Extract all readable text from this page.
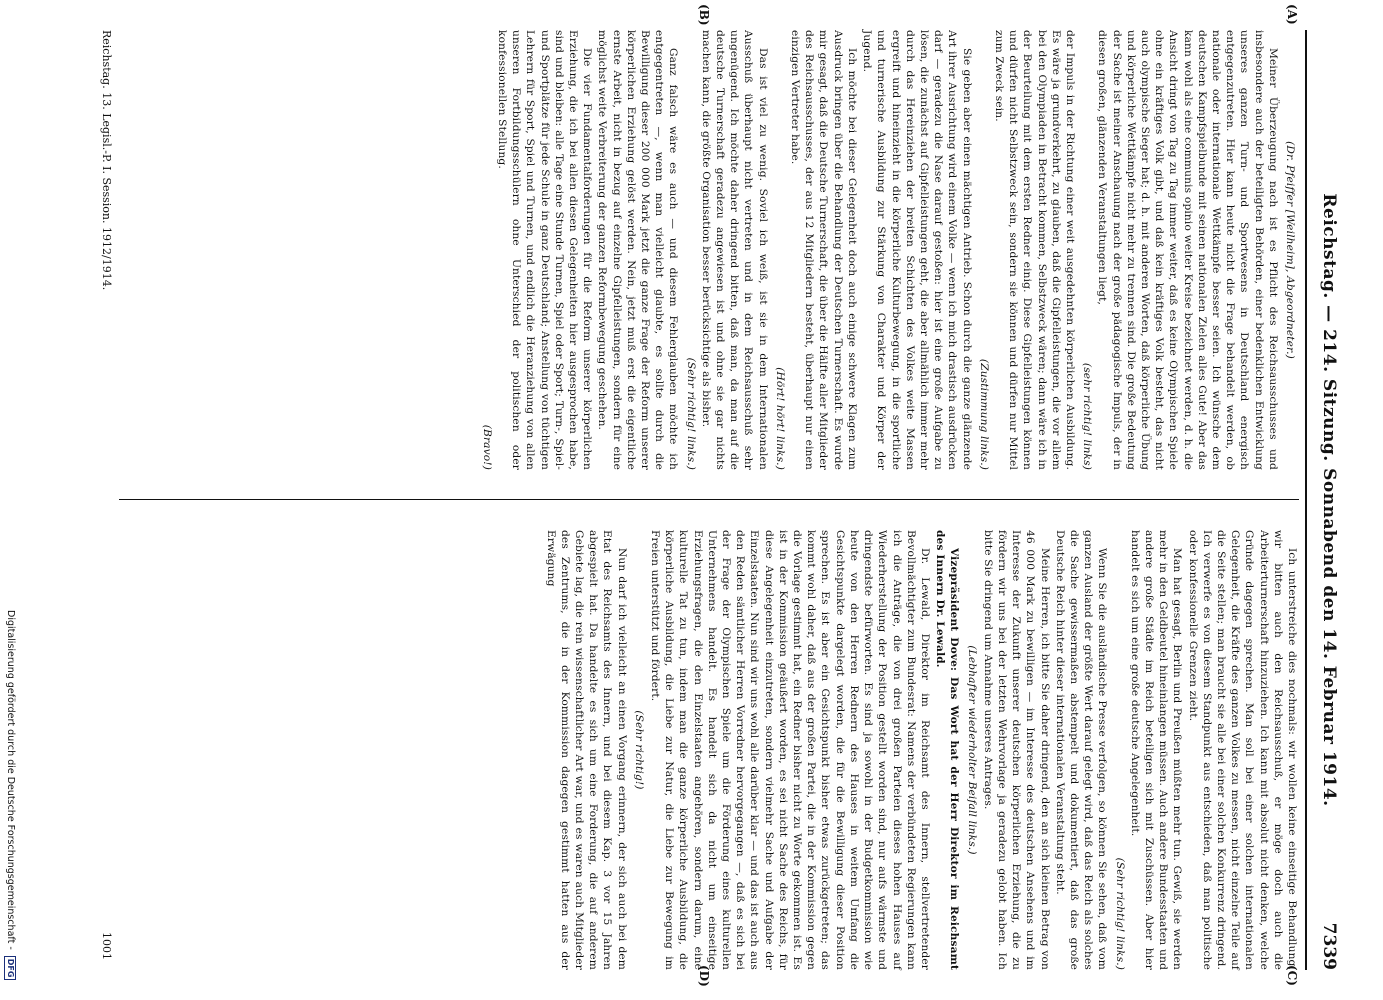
Reichstag. — 214. Sitzung. Sonnabend den 14. Februar 1914.
7339
(A)
(B)
(C)
(D)
(Dr. Pfeiffer [Weilheim], Abgeordneter.)

Meiner Überzeugung nach ist es Pflicht des Reichsausschusses und insbesondere auch der beteiligten Behörden, einer bedenklichen Entwicklung unseres ganzen Turn- und Sportwesens in Deutschland energisch entgegenzutreten. Hier kann heute nicht die Frage behandelt werden, ob nationale oder internationale Wettkämpfe besser seien. Ich wünsche dem deutschen Kampfspielbunde mit seinen nationalen Zielen alles Gute! Aber das kann wohl als eine communis opinio weiter Kreise bezeichnet werden, d. h. die Ansicht dringt von Tag zu Tag immer weiter, daß es keine Olympischen Spiele ohne ein kräftiges Volk gibt, und daß kein kräftiges Volk besteht, das nicht auch olympische Sieger hat; d. h. mit anderen Worten, daß körperliche Übung und körperliche Wettkämpfe nicht mehr zu trennen sind. Die große Bedeutung der Sache ist meiner Anschauung nach der große pädagogische Impuls, der in diesen großen, glänzenden Veranstaltungen liegt,

(sehr richtig! links)

der Impuls in der Richtung einer weit ausgedehnten körperlichen Ausbildung. Es wäre ja grundverkehrt, zu glauben, daß die Gipfelleistungen, die vor allem bei den Olympiaden in Betracht kommen, Selbstzweck wären; dann wäre ich in der Beurteilung mit dem ersten Redner einig. Diese Gipfelleistungen können und dürfen nicht Selbstzweck sein, sondern sie können und dürfen nur Mittel zum Zweck sein.

(Zustimmung links.)

Sie geben aber einen mächtigen Antrieb. Schon durch die ganze glänzende Art ihrer Ausrichtung wird einem Volke — wenn ich mich drastisch ausdrücken darf — geradezu die Nase darauf gestoßen: hier ist eine große Aufgabe zu lösen, die zunächst auf Gipfelleistungen geht, die aber allmählich immer mehr durch das Hereinziehen der breiten Schichten des Volkes weite Massen ergreift und hineinzieht in die körperliche Kulturbewegung, in die sportliche und turnerische Ausbildung zur Stärkung von Charakter und Körper der Jugend.

Ich möchte bei dieser Gelegenheit doch auch einige schwere Klagen zum Ausdruck bringen über die Behandlung der Deutschen Turnerschaft. Es wurde mir gesagt, daß die Deutsche Turnerschaft, die über die Hälfte aller Mitglieder des Reichsausschusses, der aus 12 Mitgliedern besteht, überhaupt nur einen einzigen Vertreter habe.

(Hört! hört! links.)

Das ist viel zu wenig. Soviel ich weiß, ist sie in dem Internationalen Ausschuß überhaupt nicht vertreten und in dem Reichsausschuß sehr ungenügend. Ich möchte daher dringend bitten, daß man, da man auf die deutsche Turnerschaft geradezu angewiesen ist und ohne sie gar nichts machen kann, die größte Organisation besser berücksichtige als bisher.

(Sehr richtig! links.)

Ganz falsch wäre es auch — und diesem Fehlerglauben möchte ich entgegentreten —, wenn man vielleicht glaubte, es sollte durch die Bewilligung dieser 200 000 Mark jetzt die ganze Frage der Reform unserer körperlichen Erziehung gelöst werden. Nein, jetzt muß erst die eigentliche ernste Arbeit, nicht in bezug auf einzelne Gipfelleistungen, sondern für eine möglichst weite Verbreiterung der ganzen Reformbewegung geschehen.

Die vier Fundamentalforderungen für die Reform unserer körperlichen Erziehung, die ich bei allen diesen Gelegenheiten hier ausgesprochen habe, sind und bleiben: alle Tage eine Stunde Turnen, Spiel oder Sport; Turn-, Spiel- und Sportplätze für jede Schule in ganz Deutschland; Anstellung von tüchtigen Lehrern für Sport, Spiel und Turnen, und endlich die Heranziehung von allen unseren Fortbildungsschülern ohne Unterschied der politischen oder konfessionellen Stellung.

(Bravo!)

Ich unterstreiche dies nochmals: wir wollen keine einseitige Behandlung, wir bitten auch den Reichsausschuß, er möge doch auch die Arbeiterturnerschaft hinzuziehen. Ich kann mit absolut nicht denken, welche Gründe dagegen sprechen. Man soll bei einer solchen internationalen Gelegenheit, die Kräfte des ganzen Volkes zu messen, nicht einzelne Teile auf die Seite stellen; man braucht sie alle bei einer solchen Konkurrenz dringend. Ich verwerfe es von diesem Standpunkt aus entschieden, daß man politische oder konfessionelle Grenzen zieht.

Man hat gesagt, Berlin und Preußen müßten mehr tun. Gewiß, sie werden mehr in den Geldbeutel hineinlangen müssen. Auch andere Bundesstaaten und andere große Städte im Reich beteiligen sich mit Zuschüssen. Aber hier handelt es sich um eine große deutsche Angelegenheit.

(Sehr richtig! links.)

Wenn Sie die ausländische Presse verfolgen, so können Sie sehen, daß vom ganzen Ausland der größte Wert darauf gelegt wird, daß das Reich als solches die Sache gewissermaßen abstempelt und dokumentiert, daß das große Deutsche Reich hinter dieser internationalen Veranstaltung steht.

Meine Herren, ich bitte Sie daher dringend, den an sich kleinen Betrag von 46 000 Mark zu bewilligen — im Interesse des deutschen Ansehens und im Interesse der Zukunft unserer deutschen körperlichen Erziehung, die zu fördern wir uns bei der letzten Wehrvorlage ja geradezu gelobt haben. Ich bitte Sie dringend um Annahme unseres Antrages.

(Lebhafter wiederholter Beifall links.)

Vizepräsident Dove: Das Wort hat der Herr Direktor im Reichsamt des Innern Dr. Lewald.

Dr. Lewald, Direktor im Reichsamt des Innern, stellvertretender Bevollmächtigter zum Bundesrat: Namens der verbündeten Regierungen kann ich die Anträge, die von drei großen Parteien dieses hohen Hauses auf Wiederherstellung der Position gestellt worden sind, nur aufs wärmste und dringendste befürworten. Es sind ja sowohl in der Budgetkommission wie heute von den Herren Rednern des Hauses in weitem Umfang die Gesichtspunkte dargelegt worden, die für die Bewilligung dieser Position sprechen. Es ist aber ein Gesichtspunkt bisher etwas zurückgetreten; das kommt wohl daher, daß aus der großen Partei, die in der Kommission gegen die Vorlage gestimmt hat, ein Redner bisher nicht zu Worte gekommen ist. Es ist in der Kommission geäußert worden, es sei nicht Sache des Reichs, für diese Angelegenheit einzutreten, sondern vielmehr Sache und Aufgabe der Einzelstaaten. Nun sind wir uns wohl alle darüber klar — und das ist auch aus den Reden sämtlicher Herren Vorredner hervorgegangen —, daß es sich bei der Frage der Olympischen Spiele um die Förderung eines kulturellen Unternehmens handelt. Es handelt sich da nicht um einseitige Erziehungsfragen, die den Einzelstaaten angehören, sondern darum, eine kulturelle Tat zu tun, indem man die ganze körperliche Ausbildung, die körperliche Ausbildung, die Liebe zur Natur, die Liebe zur Bewegung im Freien unterstützt und fördert.

(Sehr richtig!)

Nun darf ich vielleicht an einen Vorgang erinnern, der sich auch bei dem Etat des Reichsamts des Innern, und bei diesem Kap. 3 vor 15 Jahren abgespielt hat. Da handelte es sich um eine Forderung, die auf anderem Gebiete lag, die rein wissenschaftlicher Art war, und es waren auch Mitglieder des Zentrums, die in der Kommission dagegen gestimmt hatten aus der Erwägung

Reichstag. 13. Legisl.-P. I. Session. 1912/1914.
1001
Digitalisierung gefördert durch die Deutsche Forschungsgemeinschaft - DFG
